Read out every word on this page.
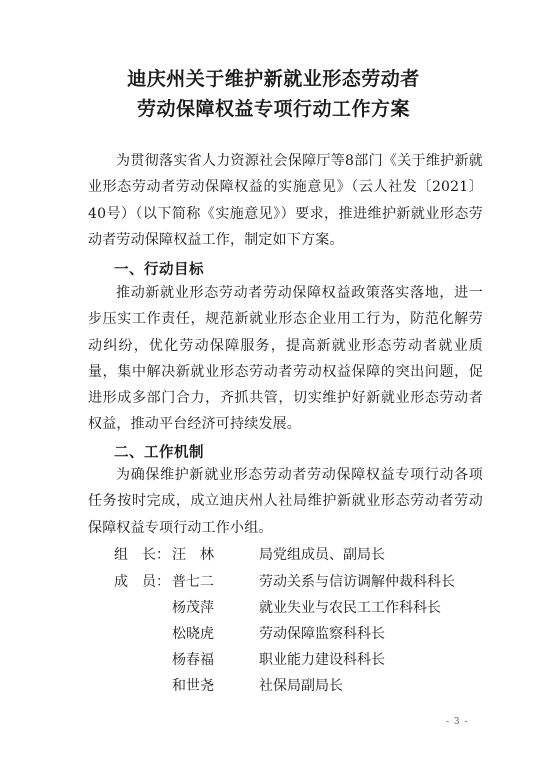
迪庆州关于维护新就业形态劳动者
劳动保障权益专项行动工作方案
为贯彻落实省人力资源社会保障厅等8部门《关于维护新就业形态劳动者劳动保障权益的实施意见》（云人社发〔2021〕40号）（以下简称《实施意见》）要求，推进维护新就业形态劳动者劳动保障权益工作，制定如下方案。
一、行动目标
推动新就业形态劳动者劳动保障权益政策落实落地，进一步压实工作责任，规范新就业形态企业用工行为，防范化解劳动纠纷，优化劳动保障服务，提高新就业形态劳动者就业质量，集中解决新就业形态劳动者劳动权益保障的突出问题，促进形成多部门合力，齐抓共管，切实维护好新就业形态劳动者权益，推动平台经济可持续发展。
二、工作机制
为确保维护新就业形态劳动者劳动保障权益专项行动各项任务按时完成，成立迪庆州人社局维护新就业形态劳动者劳动保障权益专项行动工作小组。
组　长： 汪　林	局党组成员、副局长
成　员： 普七二	劳动关系与信访调解仲裁科科长
杨茂萍	就业失业与农民工工作科科长
松晓虎	劳动保障监察科科长
杨春福	职业能力建设科科长
和世尧	社保局副局长
- 3 -
